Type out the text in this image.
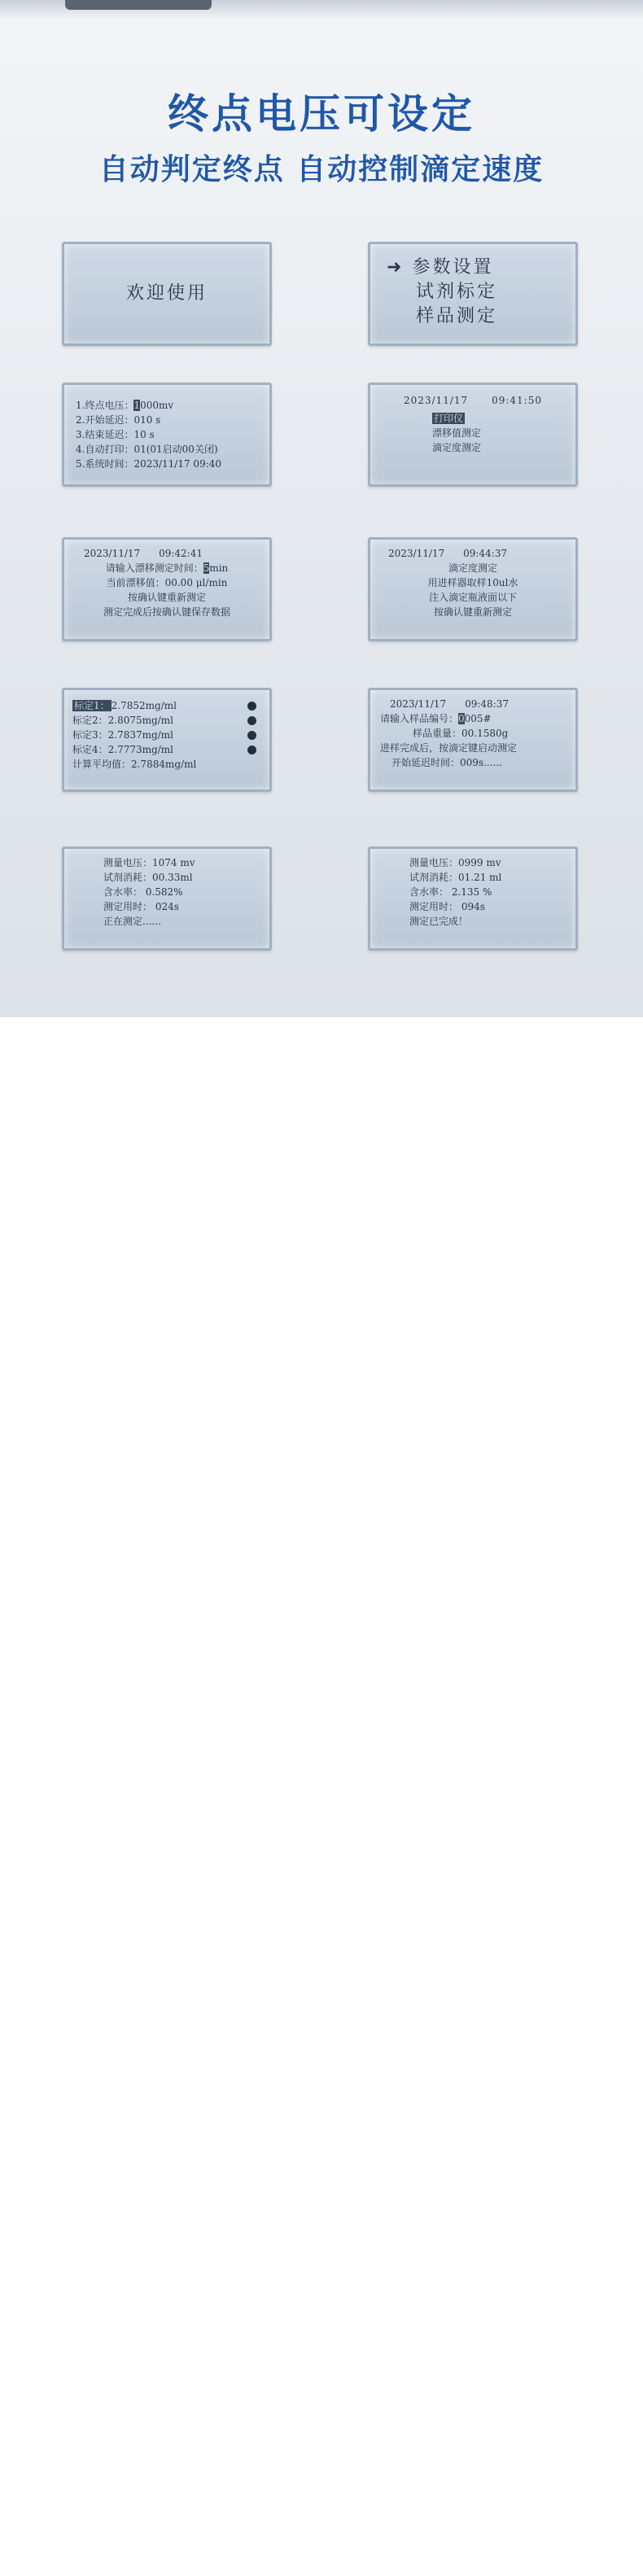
终点电压可设定
自动判定终点 自动控制滴定速度
欢迎使用
➜ 参数设置
试剂标定
样品测定
1.终点电压：1000mv
2.开始延迟：010 s
3.结束延迟：10 s
4.自动打印：01(01启动00关闭)
5.系统时间：2023/11/17 09:40
2023/11/17 09:41:50
打印仪
漂移值测定
滴定度测定
2023/11/17 09:42:41
请输入漂移测定时间：5min
当前漂移值：00.00 μl/min
按确认键重新测定
测定完成后按确认键保存数据
2023/11/17 09:44:37
滴定度测定
用进样器取样10ul水
注入滴定瓶液面以下
按确认键重新测定
标定1： 2.7852mg/ml
标定2：2.8075mg/ml
标定3：2.7837mg/ml
标定4：2.7773mg/ml
计算平均值：2.7884mg/ml
2023/11/17 09:48:37
请输入样品编号：0005#
样品重量：00.1580g
进样完成后，按滴定键启动测定
开始延迟时间：009s......
测量电压：1074 mv
试剂消耗：00.33ml
含水率： 0.582%
测定用时： 024s
正在测定......
测量电压：0999 mv
试剂消耗：01.21 ml
含水率： 2.135 %
测定用时： 094s
测定已完成！
